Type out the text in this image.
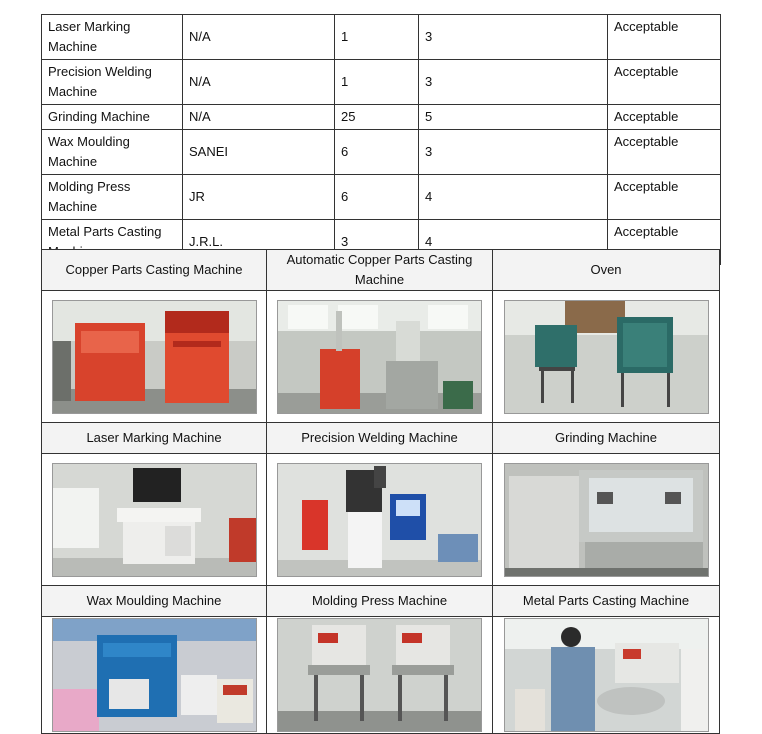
Laser Marking Machine	N/A	1	3	Acceptable
Precision Welding Machine	N/A	1	3	Acceptable
Grinding Machine	N/A	25	5	Acceptable
Wax Moulding Machine	SANEI	6	3	Acceptable
Molding Press Machine	JR	6	4	Acceptable
Metal Parts Casting	J.R.L.	3	4	Acceptable
Copper Parts Casting Machine	Automatic Copper Parts Casting Machine	Oven

Laser Marking Machine	Precision Welding Machine	Grinding Machine

Wax Moulding Machine	Molding Press Machine	Metal Parts Casting Machine
